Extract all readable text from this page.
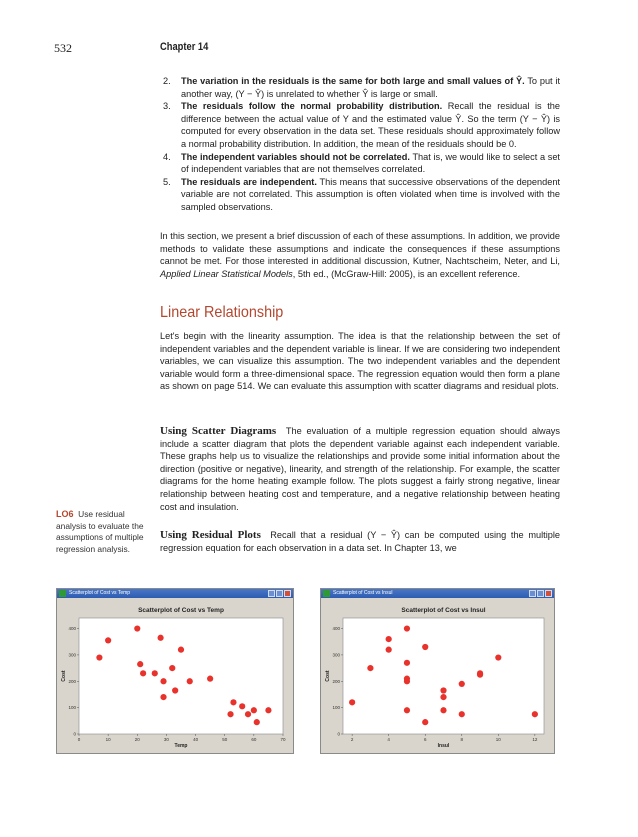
532	Chapter 14
2. The variation in the residuals is the same for both large and small values of Ŷ. To put it another way, (Y − Ŷ) is unrelated to whether Ŷ is large or small.
3. The residuals follow the normal probability distribution. Recall the residual is the difference between the actual value of Y and the estimated value Ŷ. So the term (Y − Ŷ) is computed for every observation in the data set. These residuals should approximately follow a normal probability distribution. In addition, the mean of the residuals should be 0.
4. The independent variables should not be correlated. That is, we would like to select a set of independent variables that are not themselves correlated.
5. The residuals are independent. This means that successive observations of the dependent variable are not correlated. This assumption is often violated when time is involved with the sampled observations.
In this section, we present a brief discussion of each of these assumptions. In addition, we provide methods to validate these assumptions and indicate the consequences if these assumptions cannot be met. For those interested in additional discussion, Kutner, Nachtscheim, Neter, and Li, Applied Linear Statistical Models, 5th ed., (McGraw-Hill: 2005), is an excellent reference.
Linear Relationship
Let's begin with the linearity assumption. The idea is that the relationship between the set of independent variables and the dependent variable is linear. If we are considering two independent variables, we can visualize this assumption. The two independent variables and the dependent variable would form a three-dimensional space. The regression equation would then form a plane as shown on page 514. We can evaluate this assumption with scatter diagrams and residual plots.
Using Scatter Diagrams The evaluation of a multiple regression equation should always include a scatter diagram that plots the dependent variable against each independent variable. These graphs help us to visualize the relationships and provide some initial information about the direction (positive or negative), linearity, and strength of the relationship. For example, the scatter diagrams for the home heating example follow. The plots suggest a fairly strong negative, linear relationship between heating cost and temperature, and a negative relationship between heating cost and insulation.
Using Residual Plots Recall that a residual (Y − Ŷ) can be computed using the multiple regression equation for each observation in a data set. In Chapter 13, we
LO6 Use residual analysis to evaluate the assumptions of multiple regression analysis.
Scatterplot of Cost vs Temp
Scatterplot of Cost vs Temp
0	10	20	30	40	50	60	70
0
100
200
300
400
Temp
Cost
Scatterplot of Cost vs Insul
Scatterplot of Cost vs Insul
2	4	6	8	10	12
0
100
200
300
400
Insul
Cost
